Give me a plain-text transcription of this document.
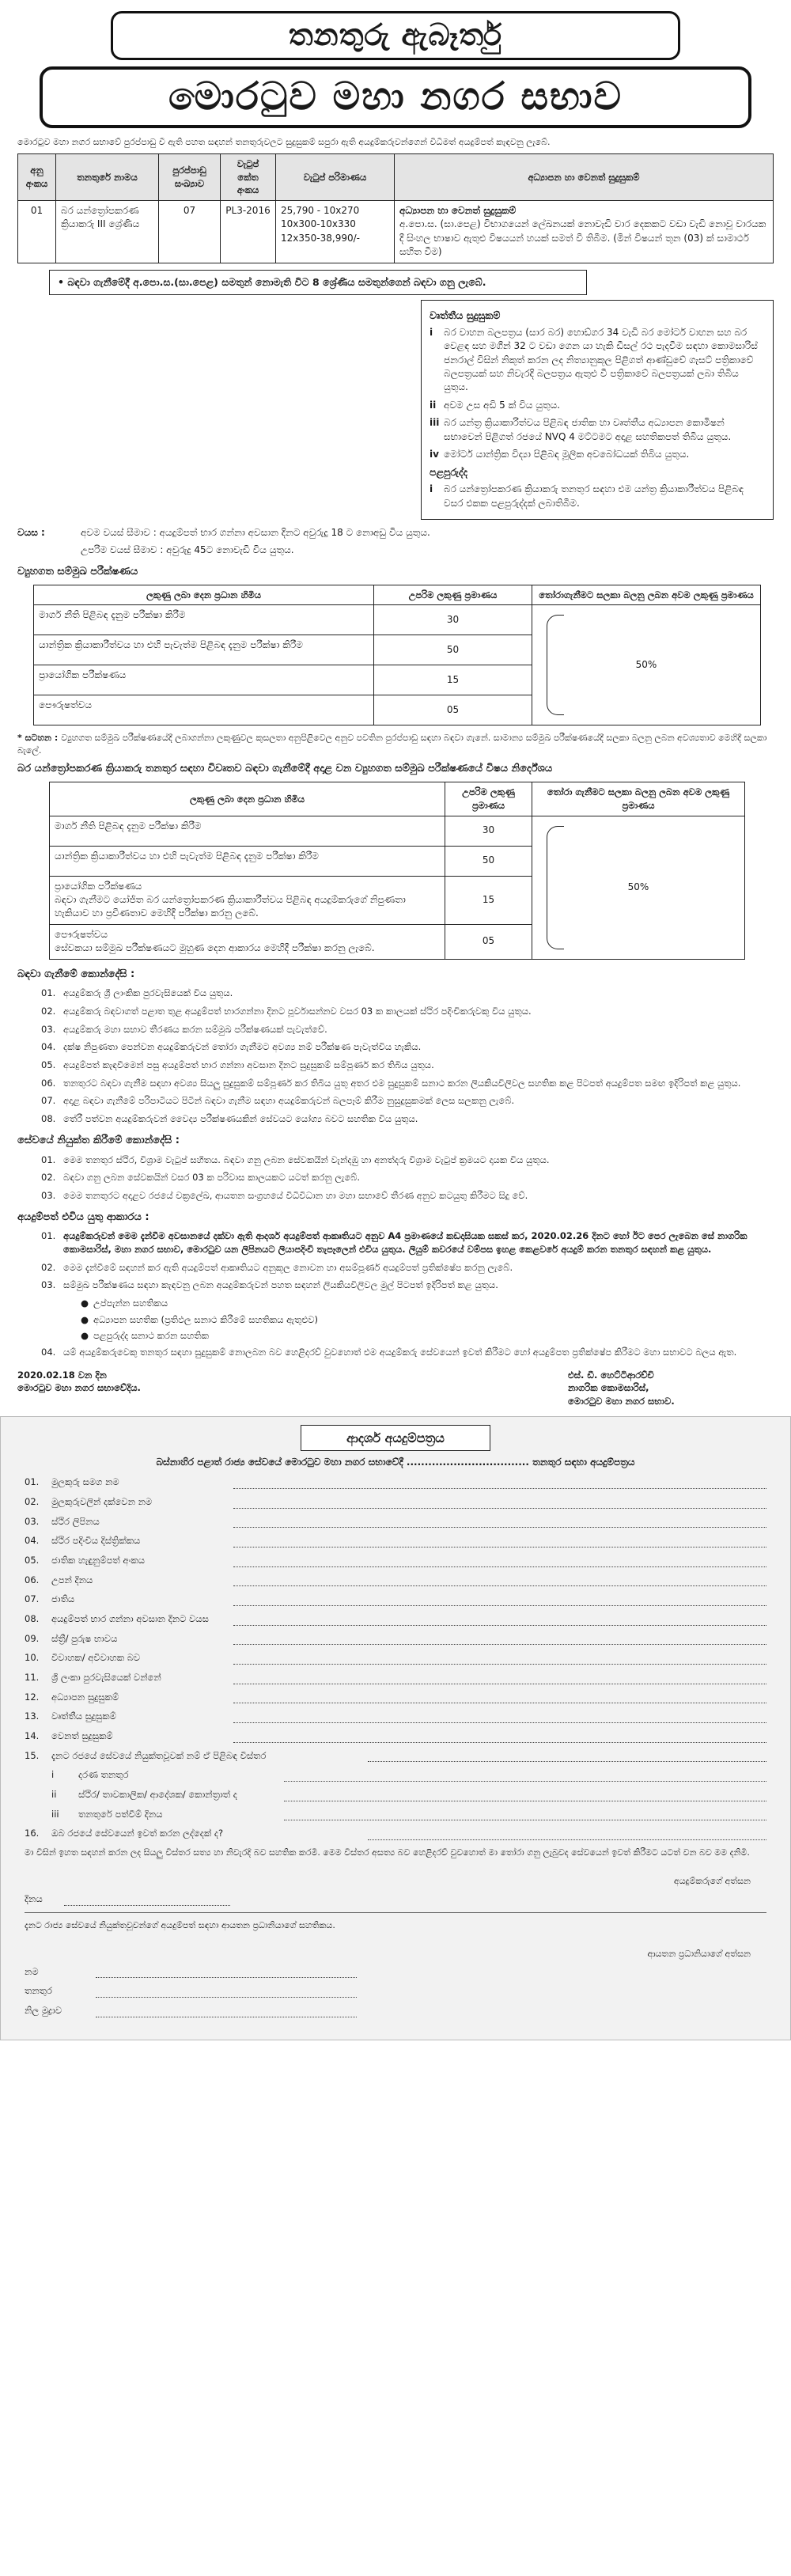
තනතුරු ඇබෑර්තු
මොරටුව මහා නගර සභාව

මොරටුව මහා නගර සභාවේ පුරප්පාඩු වී ඇති පහත සඳහන් තනතුරුවලට සුදුසුකම් සපුරා ඇති අයදුම්කරුවන්ගෙන් විධිමත් අයදුම්පත් කැඳවනු ලැබේ.

අනු අංකය	තනතුරේ නාමය	පුරප්පාඩු සංඛ්‍යාව	වැටුප් කේත අංකය	වැටුප් පරිමාණය	අධ්‍යාපන හා වෙනත් සුදුසුකම්
01	බර යන්ත්‍රෝපකරණ ක්‍රියාකරු III ශ්‍රේණිය	07	PL3-2016	25,790 - 10x270 10x300-10x330 12x350-38,990/-	අධ්‍යාපන හා වෙනත් සුදුසුකම්
අ.පො.ස. (සා.පෙළ) විභාගයෙන් ලේඛනයක් නොවැඩි වාර දෙකකට වඩා වැඩි නොවූ වාරයක දී සිංහල භාෂාව ඇතුළු විෂයයන් හයක් සමත් වී තිබීම. (මින් විෂයන් තුන (03) ක් සාමාර්ථ සහිත වීම)
• බඳවා ගැනීමේදී අ.පො.ස.(සා.පෙළ) සමතුන් නොමැති විට 8 ශ්‍රේණිය සමතුන්ගෙන් බඳවා ගනු ලැබේ.
වෘත්තීය සුදුසුකම්
i	බර වාහන බලපත්‍රය (සාර බර) හොඩ්ගර 34 වැඩි බර මෝටර් වාහන සහ බර වෙළඳ සහ මගීන් 32 ට වඩා ගෙන යා හැකි ඩීසල් රථ පැදවීම සඳහා කොමසාරිස් ජනරාල් විසින් නිකුත් කරන ලද නිත්‍යානුකූල පිළිගත් ආණ්ඩුවේ ගැසට් පත්‍රිකාවේ බලපත්‍රයක් සහ නිවැරදි බලපත්‍රය ඇතුළු වී පත්‍රිකාවේ බලපත්‍රයක් ලබා තිබිය යුතුය.
ii අවම උස අඩි 5 ක් විය යුතුය.
iii බර යන්ත්‍ර ක්‍රියාකාරිත්වය පිළිබඳ ජාතික හා වෘත්තීය අධ්‍යාපන කොමිෂන් සභාවෙන් පිළිගත් රජයේ NVQ 4 මට්ටමට අදාළ සහතිකපත් තිබිය යුතුය.
iv මෝටර් යාන්ත්‍රික විද්‍යා පිළිබඳ මූලික අවබෝධයක් තිබිය යුතුය.
පළපුරුද්ද
i	බර යන්ත්‍රෝපකරණ ක්‍රියාකරු තනතුර සඳහා එම යන්ත්‍ර ක්‍රියාකාරීත්වය පිළිබඳ වසර එකක පළපුරුද්දක් ලබාතිබීම.
වයස :	අවම වයස් සීමාව : අයදුම්පත් භාර ගන්නා අවසාන දිනට අවුරුදු 18 ට නොඅඩු විය යුතුය.
උපරිම වයස් සීමාව : අවුරුදු 45ට නොවැඩි විය යුතුය.
ව්‍යුහගත සම්මුඛ පරීක්ෂණය
ලකුණු ලබා දෙන ප්‍රධාන හිමිය	උපරිම ලකුණු ප්‍රමාණය	තෝරාගැනීමට සලකා බලනු ලබන අවම ලකුණු ප්‍රමාණය
මාර්ග නීති පිළිබඳ දැනුම පරීක්ෂා කිරීම	30	50%
යාන්ත්‍රික ක්‍රියාකාරීත්වය හා එහි පැවැත්ම පිළිබඳ දැනුම පරීක්ෂා කිරීම	50	
ප්‍රායෝගික පරීක්ෂණය	15	
පෞරුෂත්වය	05	

* සටහන : ව්‍යුහගත සම්මුඛ පරීක්ෂණයේදී ලබාගන්නා ලකුණුවල කුසලතා අනුපිළිවෙල අනුව පවතින පුරප්පාඩු සඳහා බඳවා ගැනේ. සාමාන්‍ය සම්මුඛ පරීක්ෂණයේදී සලකා බලනු ලබන අවශ්‍යතාව මෙහිදී සලකා බැලේ.

බර යන්ත්‍රෝපකරණ ක්‍රියාකරු තනතුර සඳහා විවෘතව බඳවා ගැනීමේදී අදාළ වන ව්‍යුහගත සම්මුඛ පරීක්ෂණයේ විෂය නිර්දේශය
ලකුණු ලබා දෙන ප්‍රධාන හිමිය	උපරිම ලකුණු ප්‍රමාණය	තෝරා ගැනීමට සලකා බලනු ලබන අවම ලකුණු ප්‍රමාණය
මාර්ග නීති පිළිබඳ දැනුම පරීක්ෂා කිරීම	30	50%
යාන්ත්‍රික ක්‍රියාකාරීත්වය හා එහි පැවැත්ම පිළිබඳ දැනුම පරීක්ෂා කිරීම	50	

ප්‍රායෝගික පරීක්ෂණය
බඳවා ගැනීමට යෝජිත බර යන්ත්‍රෝපකරණ ක්‍රියාකාරීත්වය පිළිබඳ අයදුම්කරුගේ නිපුණතා හැකියාව හා ප්‍රවීණතාව මෙහිදී පරීක්ෂා කරනු ලබේ.	15	

පෞරුෂත්වය
සේවකයා සම්මුඛ පරීක්ෂණයට මුහුණ දෙන ආකාරය මෙහිදී පරීක්ෂා කරනු ලැබේ.	05	
බඳවා ගැනීමේ කොන්දේසි :
01. අයදුම්කරු ශ්‍රී ලාංකික පුරවැසියෙක් විය යුතුය.
02. අයදුම්කරු බඳවාගත් පළාත තුළ අයදුම්පත් භාරගන්නා දිනට පූර්වාසන්නව වසර 03 ක කාලයක් ස්ථිර පදිංචිකරුවකු විය යුතුය.
03. අයදුම්කරු මහා සභාව තීරණය කරන සම්මුඛ පරීක්ෂණයක් පැවැත්වේ.
04. දක්ෂ නිපුණතා පෙන්වන අයදුම්කරුවන් තෝරා ගැනීමට අවශ්‍ය නම් පරීක්ෂණ පැවැත්විය හැකිය.
05. අයදුම්පත් කැඳවීමෙන් පසු අයදුම්පත් භාර ගන්නා අවසාන දිනට සුදුසුකම් සම්පූර්ණ කර තිබිය යුතුය.
06. තනතුරට බඳවා ගැනීම සඳහා අවශ්‍ය සියලු සුදුසුකම් සම්පූර්ණ කර තිබිය යුතු අතර එම සුදුසුකම් සනාථ කරන ලියකියවිලිවල සහතික කළ පිටපත් අයදුම්පත සමඟ ඉදිරිපත් කළ යුතුය.
07. අදාළ බඳවා ගැනීමේ පරිපාටියට පිටින් බඳවා ගැනීම සඳහා අයදුම්කරුවන් බලපෑම් කිරීම නුසුදුසුකමක් ලෙස සලකනු ලැබේ.
08. තේරී පත්වන අයදුම්කරුවන් වෛද්‍ය පරීක්ෂණයකින් සේවයට යෝග්‍ය බවට සහතික විය යුතුය.
සේවයේ නියුක්ත කිරීමේ කොන්දේසි :
01. මෙම තනතුර ස්ථිර, විශ්‍රාම වැටුප් සහිතය. බඳවා ගනු ලබන සේවකයින් වැන්දඹු හා අනත්දරු විශ්‍රාම වැටුප් ක්‍රමයට දායක විය යුතුය.
02. බඳවා ගනු ලබන සේවකයින් වසර 03 ක පරිවාස කාලයකට යටත් කරනු ලැබේ.
03. මෙම තනතුරට අදාළව රජයේ චක්‍රලේඛ, ආයතන සංග්‍රහයේ විධිවිධාන හා මහා සභාවේ තීරණ අනුව කටයුතු කිරීමට සිදු වේ.
අයදුම්පත් එවිය යුතු ආකාරය :
01. අයදුම්කරුවන් මෙම දැන්වීම අවසානයේ දක්වා ඇති ආදර්ශ අයදුම්පත් ආකෘතියට අනුව A4 ප්‍රමාණයේ කඩදාසියක සකස් කර, 2020.02.26 දිනට හෝ ඊට පෙර ලැබෙන සේ නාගරික කොමසාරිස්, මහා නගර සභාව, මොරටුව යන ලිපිනයට ලියාපදිංචි තැපෑලෙන් එවිය යුතුය. ලියුම් කවරයේ වම්පස ඉහළ කෙළවරේ අයදුම් කරන තනතුර සඳහන් කළ යුතුය.
02. මෙම දැන්වීමේ සඳහන් කර ඇති අයදුම්පත් ආකෘතියට අනුකූල නොවන හා අසම්පූර්ණ අයදුම්පත් ප්‍රතික්ෂේප කරනු ලැබේ.
03. සම්මුඛ පරීක්ෂණය සඳහා කැඳවනු ලබන අයදුම්කරුවන් පහත සඳහන් ලියකියවිලිවල මුල් පිටපත් ඉදිරිපත් කළ යුතුය.
● උප්පැන්න සහතිකය
● අධ්‍යාපන සහතික (ප්‍රතිඵල සනාථ කිරීමේ සහතිකය ඇතුළුව)
● පළපුරුද්ද සනාථ කරන සහතික
04. යම් අයදුම්කරුවෙකු තනතුර සඳහා සුදුසුකම් නොලබන බව හෙළිදරව් වුවහොත් එම අයදුම්කරු සේවයෙන් ඉවත් කිරීමට හෝ අයදුම්පත ප්‍රතික්ෂේප කිරීමට මහා සභාවට බලය ඇත.
2020.02.18 වන දින
මොරටුව මහා නගර සභාවේදිය.
එස්. ඩී. හෙට්ටිආරච්චි
නාගරික කොමසාරිස්,
මොරටුව මහා නගර සභාව.
ආදර්ශ අයදුම්පත්‍රය
බස්නාහිර පළාත් රාජ්‍ය සේවයේ මොරටුව මහා නගර සභාවේදී .................................. තනතුර සඳහා අයදුම්පත්‍රය
01.	මුලකුරු සමග නම
02.	මුලකුරුවලින් දක්වෙන නම
03.	ස්ථිර ලිපිනය
04.	ස්ථිර පදිංචිය දිස්ත්‍රික්කය
05.	ජාතික හැඳුනුම්පත් අංකය
06.	උපන් දිනය
07.	ජාතිය
08.	අයදුම්පත් භාර ගන්නා අවසාන දිනට වයස
09.	ස්ත්‍රී/ පුරුෂ භාවය
10.	විවාහක/ අවිවාහක බව
11.	ශ්‍රී ලංකා පුරවැසියෙක් වන්නේ
12.	අධ්‍යාපන සුදුසුකම්
13.	වෘත්තීය සුදුසුකම්
14.	වෙනත් සුදුසුකම්
15.	දැනට රජයේ සේවයේ නියුක්තවූවක් නම් ඒ පිළිබඳ විස්තර
i	දරණ තනතුර
ii	ස්ථිර/ තාවකාලික/ ආදේශක/ කොන්ත්‍රාත් ද
iii	තනතුරේ පත්වීම් දිනය
16.	ඔබ රජයේ සේවයෙන් ඉවත් කරන ලද්දෙක් ද?

මා විසින් ඉහත සඳහන් කරන ලද සියලු විස්තර සත්‍ය හා නිවැරදි බව සහතික කරමි. මෙම විස්තර අසත්‍ය බව හෙළිදරව් වුවහොත් මා තෝරා ගනු ලැබුවද සේවයෙන් ඉවත් කිරීමට යටත් වන බව මම දනිමි.

අයදුම්කරුගේ අත්සන
දිනය

දැනට රාජ්‍ය සේවයේ නියුක්තවූවන්ගේ අයදුම්පත් සඳහා ආයතන ප්‍රධානියාගේ සහතිකය.

ආයතන ප්‍රධානියාගේ අත්සන
නම
තනතුර
නිල මුද්‍රාව
